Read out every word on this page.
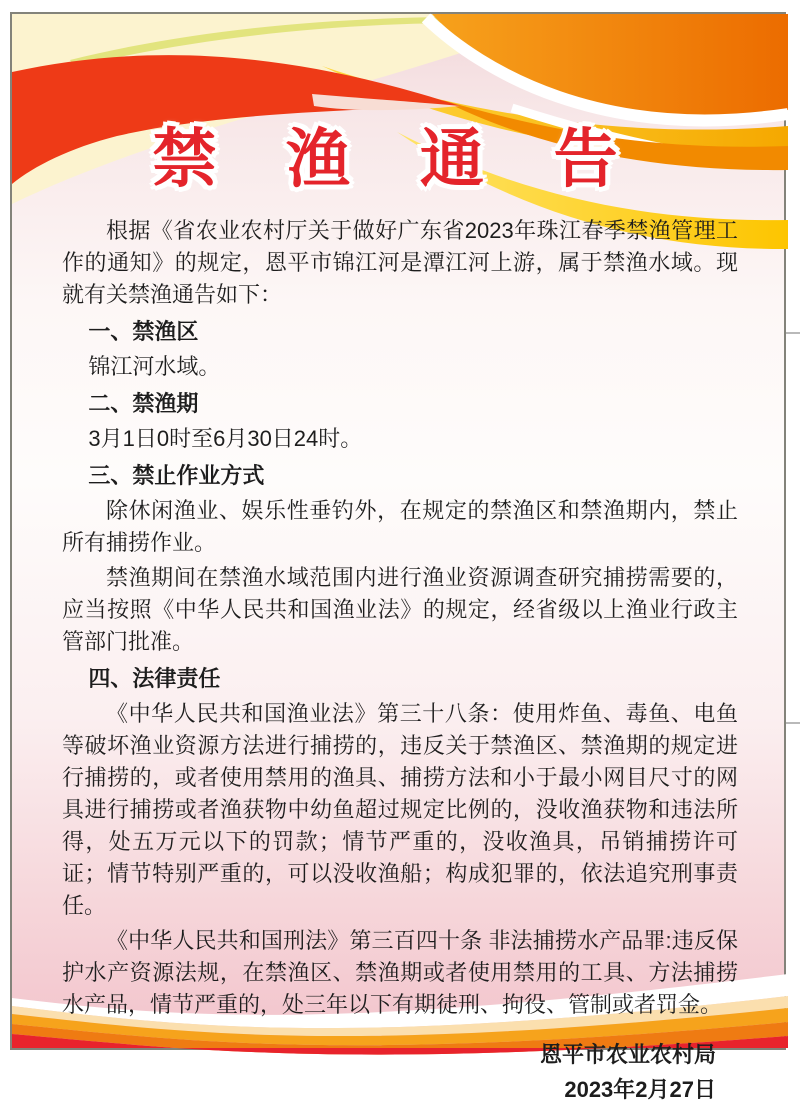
禁 渔 通 告

根据《省农业农村厅关于做好广东省2023年珠江春季禁渔管理工作的通知》的规定，恩平市锦江河是潭江河上游，属于禁渔水域。现就有关禁渔通告如下：

一、禁渔区

锦江河水域。

二、禁渔期

3月1日0时至6月30日24时。

三、禁止作业方式

除休闲渔业、娱乐性垂钓外，在规定的禁渔区和禁渔期内，禁止所有捕捞作业。

禁渔期间在禁渔水域范围内进行渔业资源调查研究捕捞需要的，应当按照《中华人民共和国渔业法》的规定，经省级以上渔业行政主管部门批准。

四、法律责任

《中华人民共和国渔业法》第三十八条：使用炸鱼、毒鱼、电鱼等破坏渔业资源方法进行捕捞的，违反关于禁渔区、禁渔期的规定进行捕捞的，或者使用禁用的渔具、捕捞方法和小于最小网目尺寸的网具进行捕捞或者渔获物中幼鱼超过规定比例的，没收渔获物和违法所得，处五万元以下的罚款；情节严重的，没收渔具，吊销捕捞许可证；情节特别严重的，可以没收渔船；构成犯罪的，依法追究刑事责任。

《中华人民共和国刑法》第三百四十条 非法捕捞水产品罪:违反保护水产资源法规，在禁渔区、禁渔期或者使用禁用的工具、方法捕捞水产品，情节严重的，处三年以下有期徒刑、拘役、管制或者罚金。

恩平市农业农村局
2023年2月27日
